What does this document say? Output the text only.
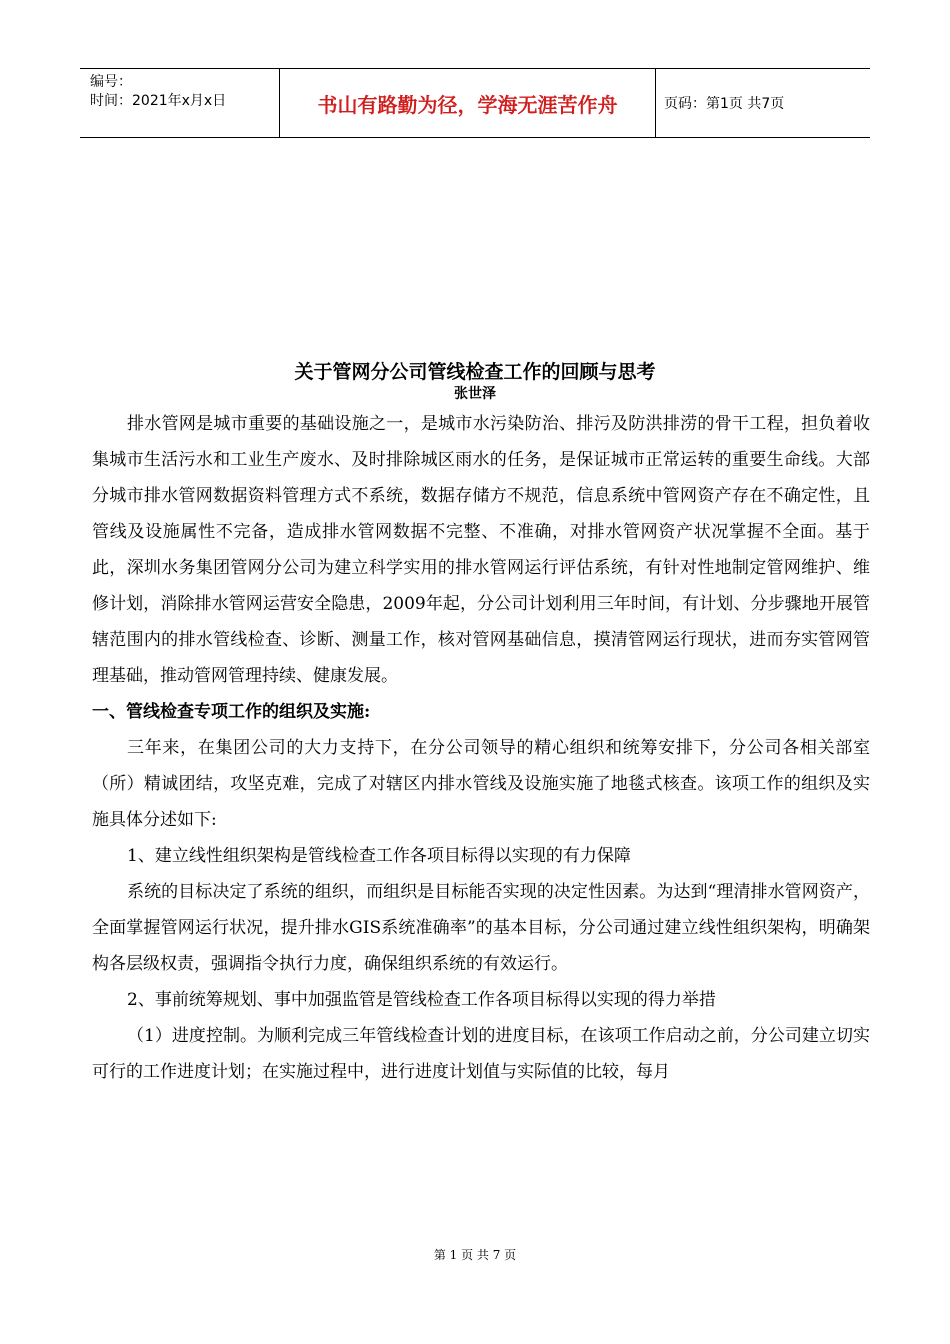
编号：
时间：2021年x月x日	书山有路勤为径，学海无涯苦作舟	页码：第1页 共7页
关于管网分公司管线检查工作的回顾与思考
张世泽

排水管网是城市重要的基础设施之一，是城市水污染防治、排污及防洪排涝的骨干工程，担负着收集城市生活污水和工业生产废水、及时排除城区雨水的任务，是保证城市正常运转的重要生命线。大部分城市排水管网数据资料管理方式不系统，数据存储方不规范，信息系统中管网资产存在不确定性，且管线及设施属性不完备，造成排水管网数据不完整、不准确，对排水管网资产状况掌握不全面。基于此，深圳水务集团管网分公司为建立科学实用的排水管网运行评估系统，有针对性地制定管网维护、维修计划，消除排水管网运营安全隐患，2009年起，分公司计划利用三年时间，有计划、分步骤地开展管辖范围内的排水管线检查、诊断、测量工作，核对管网基础信息，摸清管网运行现状，进而夯实管网管理基础，推动管网管理持续、健康发展。

一、管线检查专项工作的组织及实施:

三年来，在集团公司的大力支持下，在分公司领导的精心组织和统筹安排下，分公司各相关部室（所）精诚团结，攻坚克难，完成了对辖区内排水管线及设施实施了地毯式核查。该项工作的组织及实施具体分述如下:

1、建立线性组织架构是管线检查工作各项目标得以实现的有力保障

系统的目标决定了系统的组织，而组织是目标能否实现的决定性因素。为达到“理清排水管网资产，全面掌握管网运行状况，提升排水GIS系统准确率”的基本目标，分公司通过建立线性组织架构，明确架构各层级权责，强调指令执行力度，确保组织系统的有效运行。

2、事前统筹规划、事中加强监管是管线检查工作各项目标得以实现的得力举措

（1）进度控制。为顺利完成三年管线检查计划的进度目标，在该项工作启动之前，分公司建立切实可行的工作进度计划；在实施过程中，进行进度计划值与实际值的比较，每月

第 1 页 共 7 页
